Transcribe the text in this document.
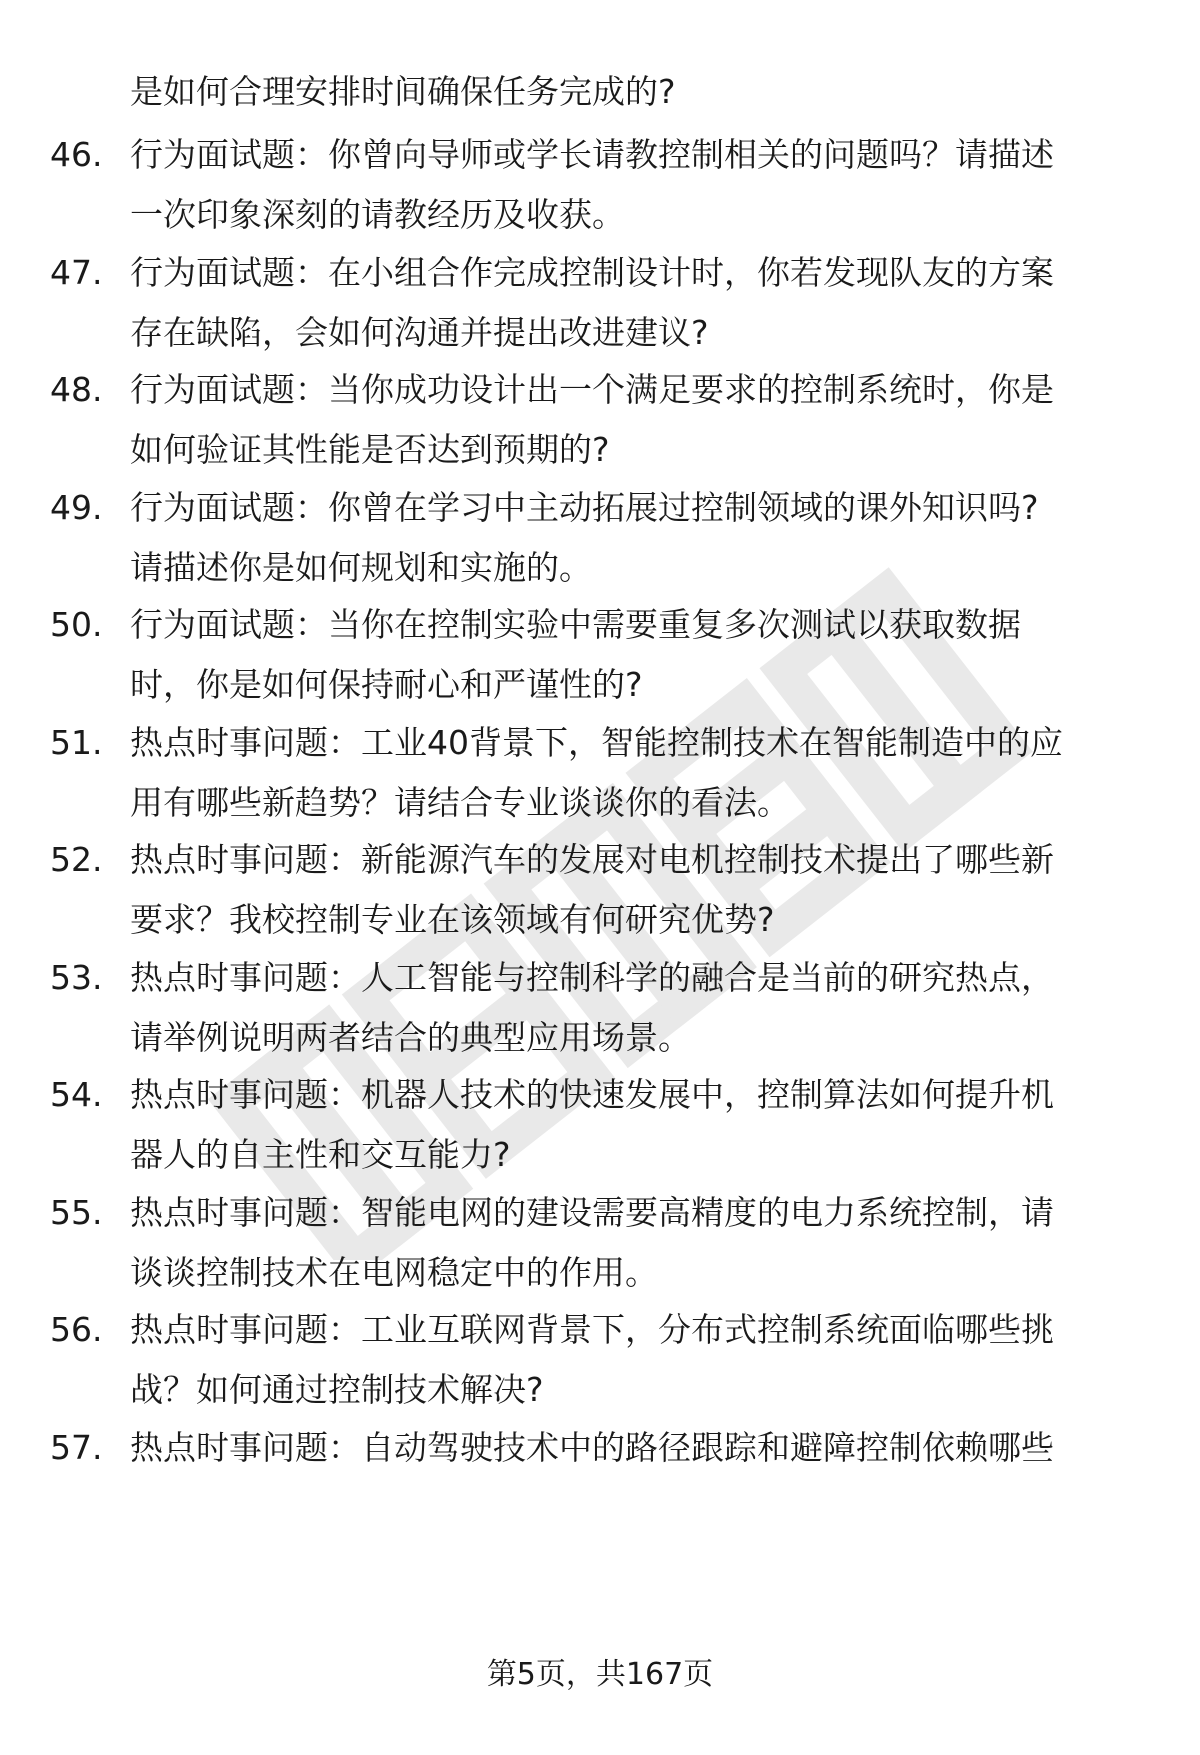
是如何合理安排时间确保任务完成的?
46. 行为面试题：你曾向导师或学长请教控制相关的问题吗？请描述
一次印象深刻的请教经历及收获。
47. 行为面试题：在小组合作完成控制设计时，你若发现队友的方案
存在缺陷，会如何沟通并提出改进建议?
48. 行为面试题：当你成功设计出一个满足要求的控制系统时，你是
如何验证其性能是否达到预期的?
49. 行为面试题：你曾在学习中主动拓展过控制领域的课外知识吗?
请描述你是如何规划和实施的。
50. 行为面试题：当你在控制实验中需要重复多次测试以获取数据
时，你是如何保持耐心和严谨性的?
51. 热点时事问题：工业40背景下，智能控制技术在智能制造中的应
用有哪些新趋势？请结合专业谈谈你的看法。
52. 热点时事问题：新能源汽车的发展对电机控制技术提出了哪些新
要求？我校控制专业在该领域有何研究优势?
53. 热点时事问题：人工智能与控制科学的融合是当前的研究热点，
请举例说明两者结合的典型应用场景。
54. 热点时事问题：机器人技术的快速发展中，控制算法如何提升机
器人的自主性和交互能力?
55. 热点时事问题：智能电网的建设需要高精度的电力系统控制，请
谈谈控制技术在电网稳定中的作用。
56. 热点时事问题：工业互联网背景下，分布式控制系统面临哪些挑
战？如何通过控制技术解决?
57. 热点时事问题：自动驾驶技术中的路径跟踪和避障控制依赖哪些
第5页，共167页
